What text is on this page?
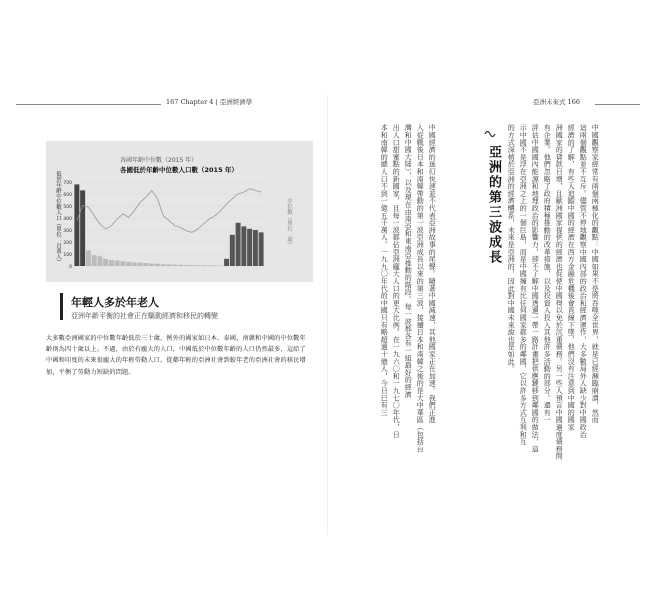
167 Chapter 4 | 亞洲經濟學	亞洲未來式 166
各國年齡中位數（2015 年）
各國低於年齡中位數人口數（2015 年）
低於年齡中位數人口（單位：百萬人）	中位數（單位：歲）
700
600
500
400
300
200
100
0
年輕人多於年老人
亞洲年齡平衡的社會正在驅動經濟和移民的轉變
大多數亞洲國家的中位數年齡低於三十歲，例外的國家如日本、泰國、南韓和中國的中位數年齡則為四十歲以上。不過，由於有龐大的人口，中國低於中位數年齡的人口仍然最多，這給了中國和印度的未來很龐大的年輕勞動人口。從鄰年輕的亞洲社會到較年老的亞洲社會的移民增加，平衡了勞動力短缺的問題。
亞洲的第三波成長
本和南韓的總人口不到一億五千萬人。一九九〇年代的中國只有略超過十億人，今日已有三 出人口甜蜜點的新國家，且每一波都佔亞洲龐大人口的更大比例。在一九六〇和一九七〇年代，日 灣和中國大陸），以及現在由南亞和東南亞推動的階段。每一波都各有一組最好的經濟 入從戰後日本和南韓帶動的第一波亞洲成長以來的第三波，接續日本和南韓之後的是大中華區（包括台 中國經濟的迷幻快速並不代表亞洲故事的尾聲。隨著中國減速，其他國家正在加速。我們正進	的方式深植於亞洲的經濟體系，未來是亞洲的，因此對中國未來說也是如此。 示中國不是浮在亞洲之上的一個巨島，而是中國擁有比任何國家都多的鄰國，它以許多方式互利和互 評估中國國內能源和地理政治的影響力，卻不了解中國透過一帶一路計畫把供應鏈移到鄰國的做法，這 有企業。他們忽略了政府積極推動的改革措施，以及投資人投入其他許多活動的部分。還有一 洲國家的貸款日增，且歐洲國家提供的經濟也促使中國得以免於沉重債務。另一些人預言中國過度債務問 經濟的了解，有些人追蹤中國的經濟在西方金融危機後會直線下墜，他們沒有注意到中國的國家 這兩個觀點並不互斥。儘管不停地觀察中國內部的政治和經濟運作，大多數局外人缺少對中國政治 中國觀察家經常有兩個兩極化的觀點：中國如果不是將吞噬全世界，就是已經瀕臨崩潰，然而
